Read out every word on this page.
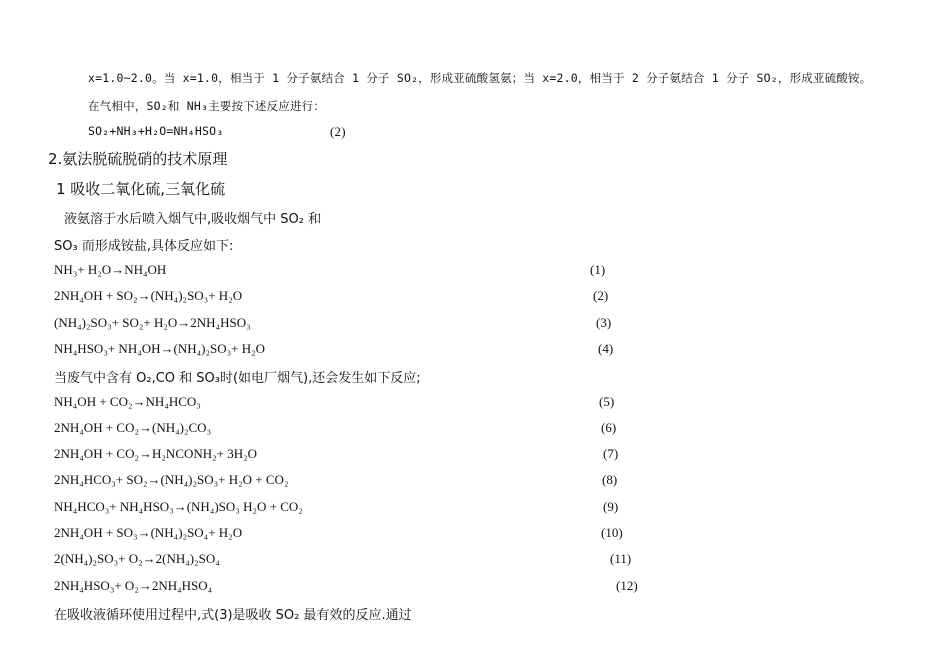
x=1.0~2.0。当 x=1.0，相当于 1 分子氨结合 1 分子 SO₂，形成亚硫酸氢氨；当 x=2.0，相当于 2 分子氨结合 1 分子 SO₂，形成亚硫酸铵。
在气相中，SO₂和 NH₃主要按下述反应进行：
SO₂+NH₃+H₂O=NH₄HSO₃	(2)
2.氨法脱硫脱硝的技术原理
1 吸收二氧化硫,三氧化硫
液氨溶于水后喷入烟气中,吸收烟气中 SO₂ 和
SO₃ 而形成铵盐,具体反应如下:
NH₃+ H₂O→NH₄OH	(1)
2NH₄OH + SO₂→(NH₄)₂SO₃+ H₂O	(2)
(NH₄)₂SO₃+ SO₂+ H₂O→2NH₄HSO₃	(3)
NH₄HSO₃+ NH₄OH→(NH₄)₂SO₃+ H₂O	(4)
当废气中含有 O₂,CO 和 SO₃时(如电厂烟气),还会发生如下反应;
NH₄OH + CO₂→NH₄HCO₃	(5)
2NH₄OH + CO₂→(NH₄)₂CO₃	(6)
2NH₄OH + CO₂→H₂NCONH₂+ 3H₂O	(7)
2NH₄HCO₃+ SO₂→(NH₄)₂SO₃+ H₂O + CO₂	(8)
NH₄HCO₃+ NH₄HSO₃→(NH₄)SO₃ H₂O + CO₂	(9)
2NH₄OH + SO₃→(NH₄)₂SO₄+ H₂O	(10)
2(NH₄)₂SO₃+ O₂→2(NH₄)₂SO₄	(11)
2NH₄HSO₃+ O₂→2NH₄HSO₄	(12)
在吸收液循环使用过程中,式(3)是吸收 SO₂ 最有效的反应.通过
